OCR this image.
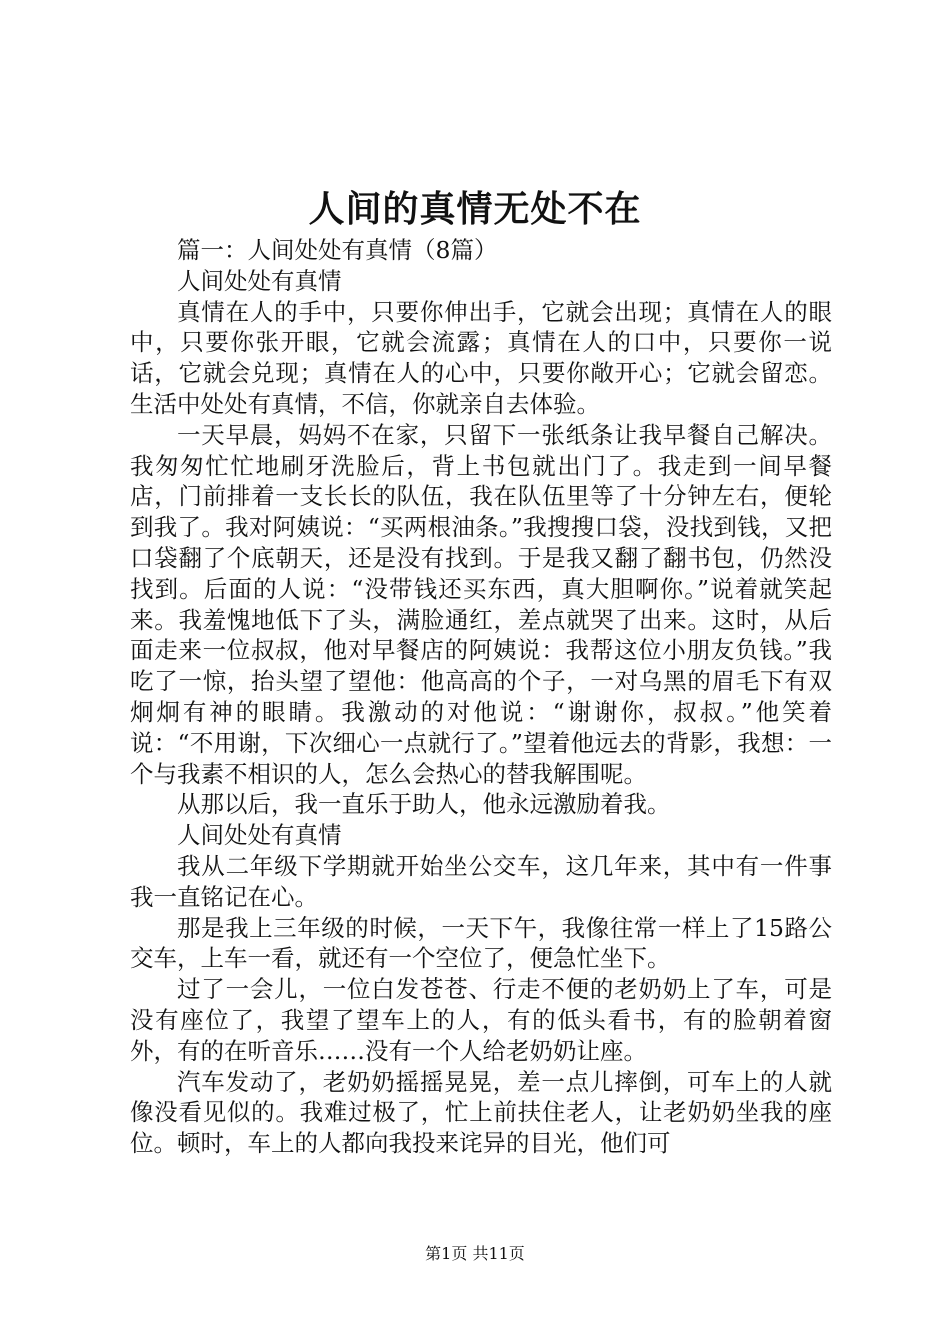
人间的真情无处不在

篇一：人间处处有真情（8篇）

人间处处有真情

真情在人的手中，只要你伸出手，它就会出现；真情在人的眼中，只要你张开眼，它就会流露；真情在人的口中，只要你一说话，它就会兑现；真情在人的心中，只要你敞开心；它就会留恋。生活中处处有真情，不信，你就亲自去体验。

一天早晨，妈妈不在家，只留下一张纸条让我早餐自己解决。我匆匆忙忙地刷牙洗脸后，背上书包就出门了。我走到一间早餐店，门前排着一支长长的队伍，我在队伍里等了十分钟左右，便轮到我了。我对阿姨说：“买两根油条。”我搜搜口袋，没找到钱，又把口袋翻了个底朝天，还是没有找到。于是我又翻了翻书包，仍然没找到。后面的人说：“没带钱还买东西，真大胆啊你。”说着就笑起来。我羞愧地低下了头，满脸通红，差点就哭了出来。这时，从后面走来一位叔叔，他对早餐店的阿姨说：我帮这位小朋友负钱。”我吃了一惊，抬头望了望他：他高高的个子，一对乌黑的眉毛下有双炯炯有神的眼睛。我激动的对他说：“谢谢你，叔叔。”他笑着说：“不用谢，下次细心一点就行了。”望着他远去的背影，我想：一个与我素不相识的人，怎么会热心的替我解围呢。

从那以后，我一直乐于助人，他永远激励着我。

人间处处有真情

我从二年级下学期就开始坐公交车，这几年来，其中有一件事我一直铭记在心。

那是我上三年级的时候，一天下午，我像往常一样上了15路公交车，上车一看，就还有一个空位了，便急忙坐下。

过了一会儿，一位白发苍苍、行走不便的老奶奶上了车，可是没有座位了，我望了望车上的人，有的低头看书，有的脸朝着窗外，有的在听音乐……没有一个人给老奶奶让座。

汽车发动了，老奶奶摇摇晃晃，差一点儿摔倒，可车上的人就像没看见似的。我难过极了，忙上前扶住老人，让老奶奶坐我的座位。顿时，车上的人都向我投来诧异的目光，他们可

第1页 共11页
